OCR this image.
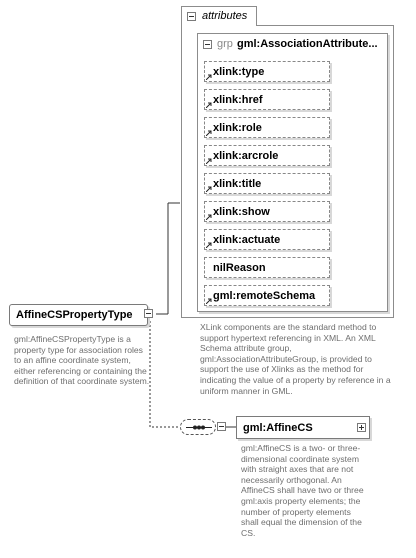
attributes
grp gml:AssociationAttribute...
xlink:type
xlink:href
xlink:role
xlink:arcrole
xlink:title
xlink:show
xlink:actuate
nilReason
gml:remoteSchema
XLink components are the standard method to support hypertext referencing in XML. An XML Schema attribute group, gml:AssociationAttributeGroup, is provided to support the use of Xlinks as the method for indicating the value of a property by reference in a uniform manner in GML.
AffineCSPropertyType
gml:AffineCSPropertyType is a property type for association roles to an affine coordinate system, either referencing or containing the definition of that coordinate system.
gml:AffineCS
gml:AffineCS is a two- or three-dimensional coordinate system with straight axes that are not necessarily orthogonal. An AffineCS shall have two or three gml:axis property elements; the number of property elements shall equal the dimension of the CS.
